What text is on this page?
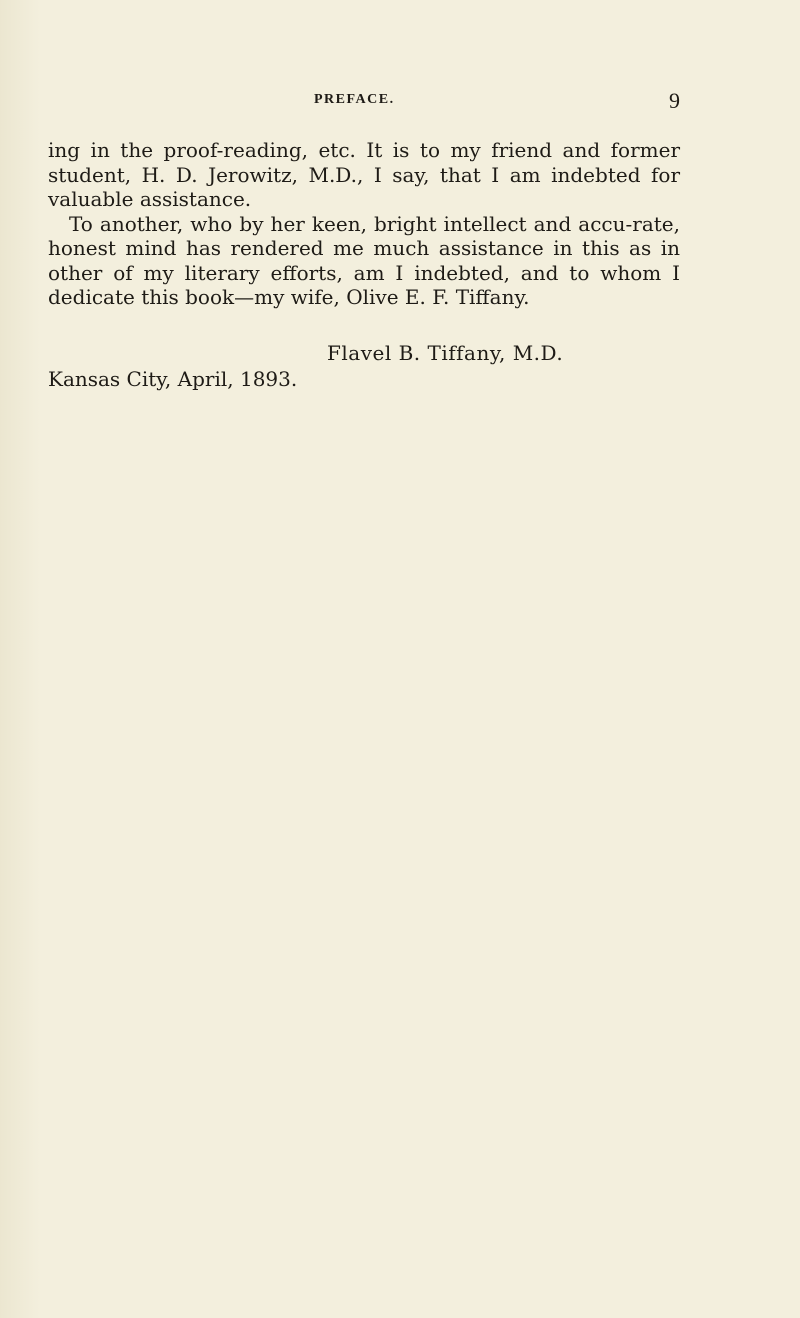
PREFACE.	9

ing in the proof-reading, etc. It is to my friend and former student, H. D. Jerowitz, M.D., I say, that I am indebted for valuable assistance.

To another, who by her keen, bright intellect and accu-rate, honest mind has rendered me much assistance in this as in other of my literary efforts, am I indebted, and to whom I dedicate this book—my wife, Olive E. F. Tiffany.

Flavel B. Tiffany, M.D.
Kansas City, April, 1893.
